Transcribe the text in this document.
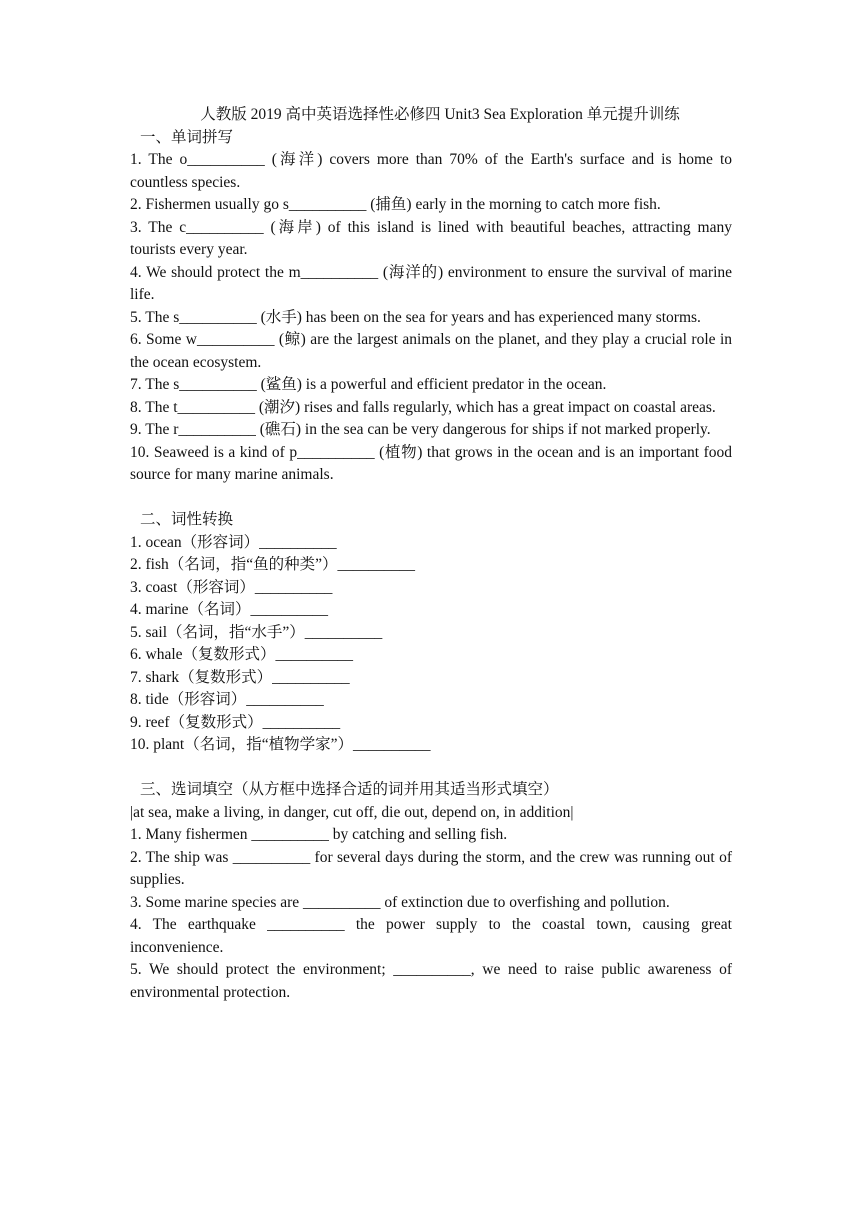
人教版 2019 高中英语选择性必修四 Unit3 Sea Exploration 单元提升训练

一、单词拼写

1. The o__________ (海洋) covers more than 70% of the Earth's surface and is home to countless species.

2. Fishermen usually go s__________ (捕鱼) early in the morning to catch more fish.

3. The c__________ (海岸) of this island is lined with beautiful beaches, attracting many tourists every year.

4. We should protect the m__________ (海洋的) environment to ensure the survival of marine life.

5. The s__________ (水手) has been on the sea for years and has experienced many storms.

6. Some w__________ (鲸) are the largest animals on the planet, and they play a crucial role in the ocean ecosystem.

7. The s__________ (鲨鱼) is a powerful and efficient predator in the ocean.

8. The t__________ (潮汐) rises and falls regularly, which has a great impact on coastal areas.

9. The r__________ (礁石) in the sea can be very dangerous for ships if not marked properly.

10. Seaweed is a kind of p__________ (植物) that grows in the ocean and is an important food source for many marine animals.

二、词性转换

1. ocean（形容词）__________

2. fish（名词，指“鱼的种类”）__________

3. coast（形容词）__________

4. marine（名词）__________

5. sail（名词，指“水手”）__________

6. whale（复数形式）__________

7. shark（复数形式）__________

8. tide（形容词）__________

9. reef（复数形式）__________

10. plant（名词，指“植物学家”）__________

三、选词填空（从方框中选择合适的词并用其适当形式填空）

|at sea, make a living, in danger, cut off, die out, depend on, in addition|

1. Many fishermen __________ by catching and selling fish.

2. The ship was __________ for several days during the storm, and the crew was running out of supplies.

3. Some marine species are __________ of extinction due to overfishing and pollution.

4. The earthquake __________ the power supply to the coastal town, causing great inconvenience.

5. We should protect the environment; __________, we need to raise public awareness of environmental protection.
